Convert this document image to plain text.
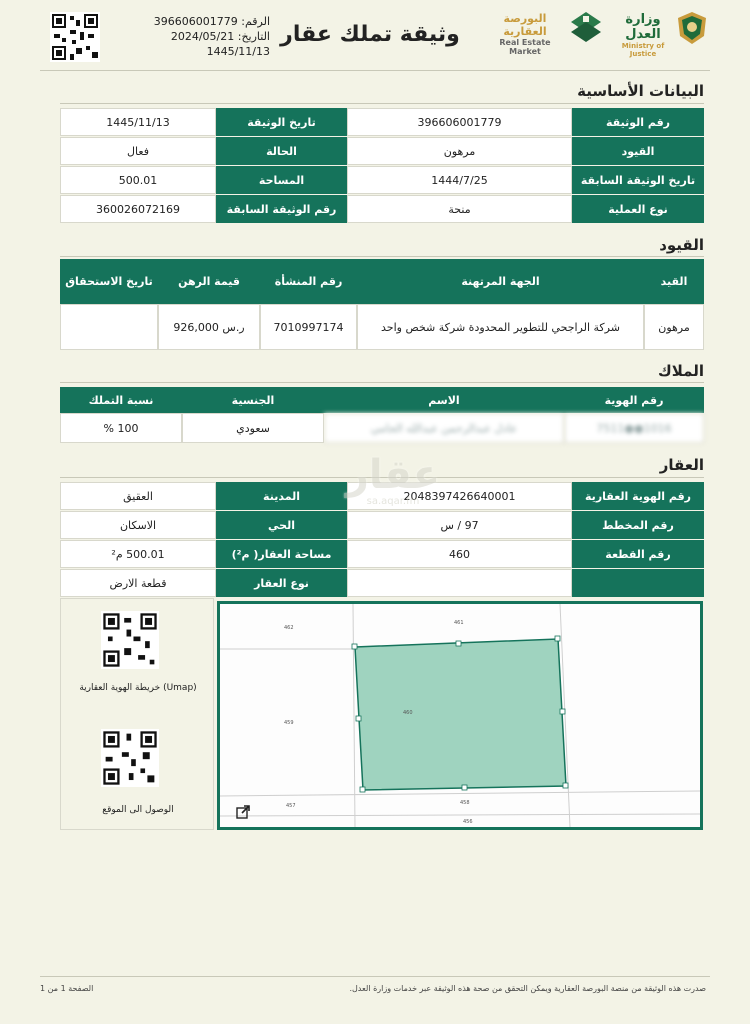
الرقم: 396606001779
التاريخ: 2024/05/21
1445/11/13
وثيقة تملك عقار
البورصة العقارية
Real Estate Market
وزارة العدل
Ministry of Justice
البيانات الأساسية
رقم الوثيقة
396606001779
تاريخ الوثيقة
1445/11/13
القيود
مرهون
الحالة
فعال
تاريخ الوثيقة السابقة
1444/7/25
المساحة
500.01
نوع العملية
منحة
رقم الوثيقة السابقة
360026072169
القيود
القيد
الجهة المرتهنة
رقم المنشأة
قيمة الرهن
تاريخ الاستحقاق
مرهون
شركة الراجحي للتطوير المحدودة شركة شخص واحد
7010997174
ر.س 926,000
الملاك
رقم الهوية
الاسم
الجنسية
نسبة التملك
1016●●7511
عادل عبدالرحمن عبدالله الحامي
سعودي
100 %
العقار
رقم الهوية العقارية
2048397426640001
المدينة
العقيق
رقم المخطط
97 / س
الحي
الاسكان
رقم القطعة
460
مساحة العقار( م²)
500.01 م²
نوع العقار
قطعة الارض
(Umap) خريطة الهوية العقارية
الوصول الى الموقع
462
461
459
460
458
457
456
عقار
sa.aqar.fm
صدرت هذه الوثيقة من منصة البورصة العقارية ويمكن التحقق من صحة هذه الوثيقة عبر خدمات وزارة العدل.
الصفحة 1 من 1
